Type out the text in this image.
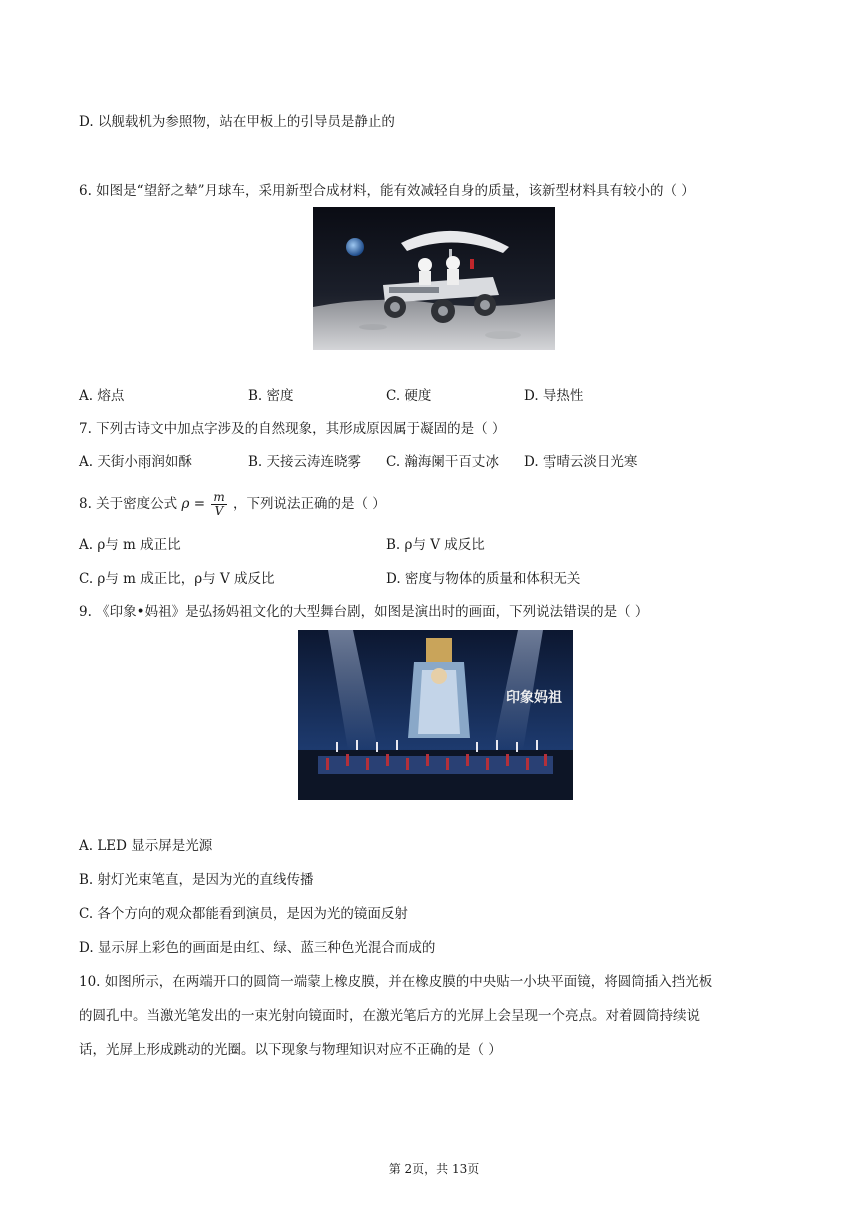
D. 以舰载机为参照物，站在甲板上的引导员是静止的
6. 如图是“望舒之辇”月球车，采用新型合成材料，能有效减轻自身的质量，该新型材料具有较小的（ ）
A. 熔点	B. 密度	C. 硬度	D. 导热性
7. 下列古诗文中加点字涉及的自然现象，其形成原因属于凝固的是（ ）
A. 天街小雨润如酥	B. 天接云涛连晓雾 C. 瀚海阑干百丈冰 D. 雪晴云淡日光寒
8. 关于密度公式 $\rho = \frac{m}{V}$ ，下列说法正确的是（ ）
A. ρ与 m 成正比	B. ρ与 V 成反比
C. ρ与 m 成正比，ρ与 V 成反比	D. 密度与物体的质量和体积无关
9. 《印象•妈祖》是弘扬妈祖文化的大型舞台剧，如图是演出时的画面，下列说法错误的是（ ）
印象妈祖
A. LED 显示屏是光源
B. 射灯光束笔直，是因为光的直线传播
C. 各个方向的观众都能看到演员，是因为光的镜面反射
D. 显示屏上彩色的画面是由红、绿、蓝三种色光混合而成的
10. 如图所示，在两端开口的圆筒一端蒙上橡皮膜，并在橡皮膜的中央贴一小块平面镜，将圆筒插入挡光板
的圆孔中。当激光笔发出的一束光射向镜面时，在激光笔后方的光屏上会呈现一个亮点。对着圆筒持续说
话，光屏上形成跳动的光圈。以下现象与物理知识对应不正确的是（ ）
第 2页，共 13页
